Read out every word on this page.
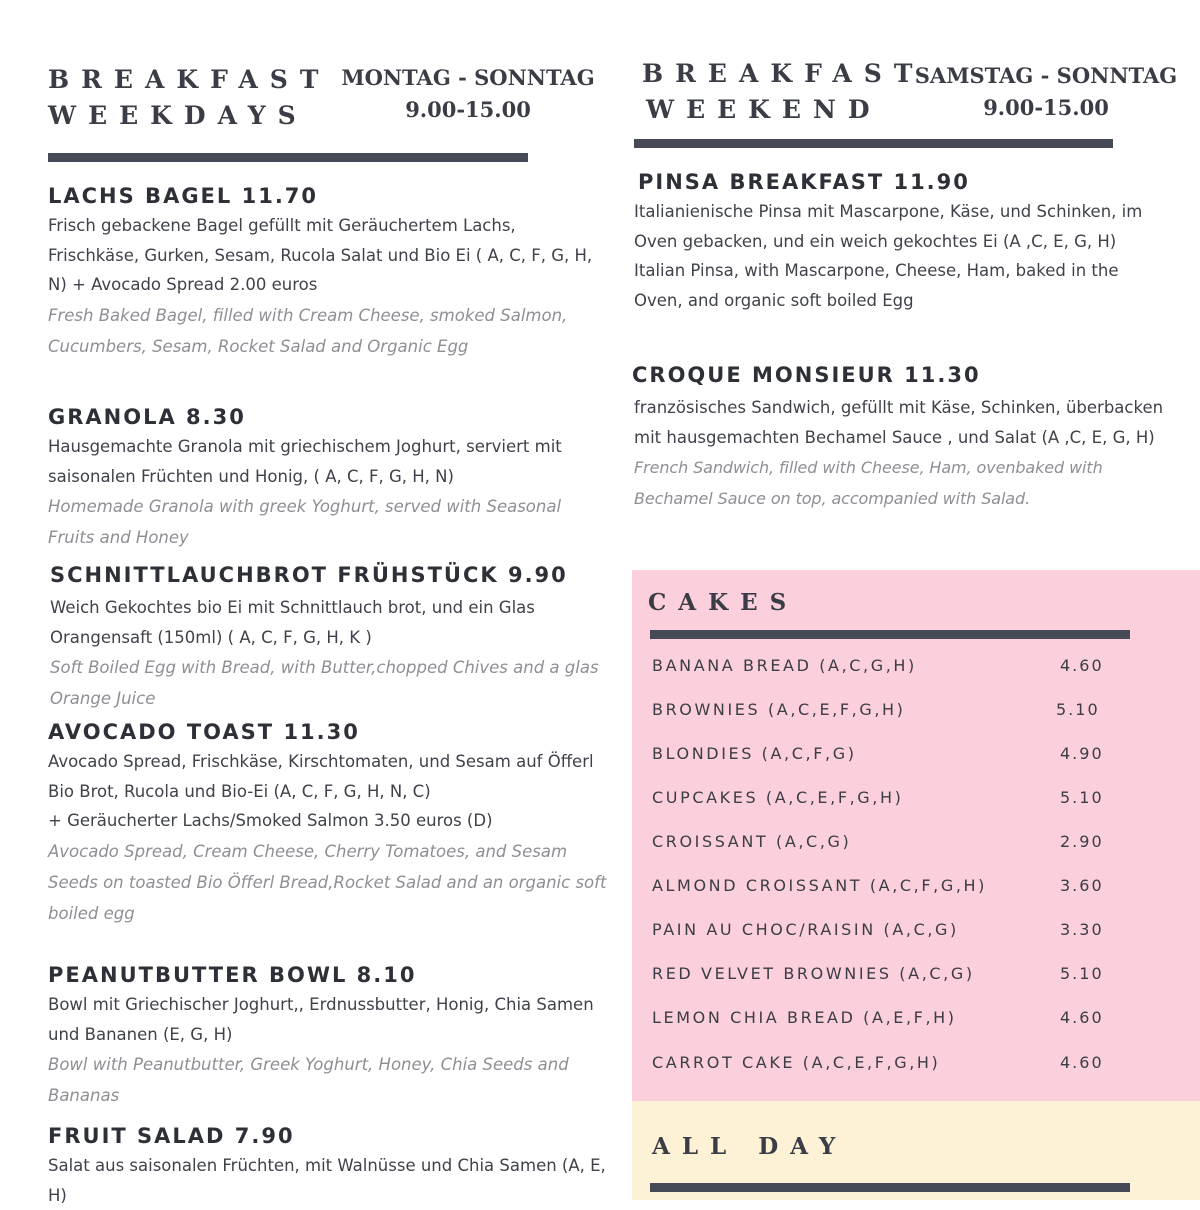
BREAKFAST

WEEKDAYS

MONTAG - SONNTAG
9.00-15.00

LACHS BAGEL 11.70

Frisch gebackene Bagel gefüllt mit Geräuchertem Lachs, Frischkäse, Gurken, Sesam, Rucola Salat und Bio Ei ( A, C, F, G, H, N) + Avocado Spread 2.00 euros

Fresh Baked Bagel, filled with Cream Cheese, smoked Salmon, Cucumbers, Sesam, Rocket Salad and Organic Egg

GRANOLA 8.30

Hausgemachte Granola mit griechischem Joghurt, serviert mit saisonalen Früchten und Honig, ( A, C, F, G, H, N)

Homemade Granola with greek Yoghurt, served with Seasonal Fruits and Honey

SCHNITTLAUCHBROT FRÜHSTÜCK 9.90

Weich Gekochtes bio Ei mit Schnittlauch brot, und ein Glas Orangensaft (150ml) ( A, C, F, G, H, K )

Soft Boiled Egg with Bread, with Butter,chopped Chives and a glas Orange Juice

AVOCADO TOAST 11.30

Avocado Spread, Frischkäse, Kirschtomaten, und Sesam auf Öfferl Bio Brot, Rucola und Bio-Ei (A, C, F, G, H, N, C)

+ Geräucherter Lachs/Smoked Salmon 3.50 euros (D)

Avocado Spread, Cream Cheese, Cherry Tomatoes, and Sesam Seeds on toasted Bio Öfferl Bread,Rocket Salad and an organic soft boiled egg

PEANUTBUTTER BOWL 8.10

Bowl mit Griechischer Joghurt,, Erdnussbutter, Honig, Chia Samen und Bananen (E, G, H)

Bowl with Peanutbutter, Greek Yoghurt, Honey, Chia Seeds and Bananas

FRUIT SALAD 7.90

Salat aus saisonalen Früchten, mit Walnüsse und Chia Samen (A, E, H)

BREAKFAST

WEEKEND

SAMSTAG - SONNTAG
9.00-15.00

PINSA BREAKFAST 11.90

Italianienische Pinsa mit Mascarpone, Käse, und Schinken, im Oven gebacken, und ein weich gekochtes Ei (A ,C, E, G, H)

Italian Pinsa, with Mascarpone, Cheese, Ham, baked in the Oven, and organic soft boiled Egg

CROQUE MONSIEUR 11.30

französisches Sandwich, gefüllt mit Käse, Schinken, überbacken mit hausgemachten Bechamel Sauce , und Salat (A ,C, E, G, H)

French Sandwich, filled with Cheese, Ham, ovenbaked with Bechamel Sauce on top, accompanied with Salad.

CAKES

BANANA BREAD (A,C,G,H)	4.60
BROWNIES (A,C,E,F,G,H)	5.10
BLONDIES (A,C,F,G)	4.90
CUPCAKES (A,C,E,F,G,H)	5.10
CROISSANT (A,C,G)	2.90
ALMOND CROISSANT (A,C,F,G,H)	3.60
PAIN AU CHOC/RAISIN (A,C,G)	3.30
RED VELVET BROWNIES (A,C,G)	5.10
LEMON CHIA BREAD (A,E,F,H)	4.60
CARROT CAKE (A,C,E,F,G,H)	4.60

ALL DAY
